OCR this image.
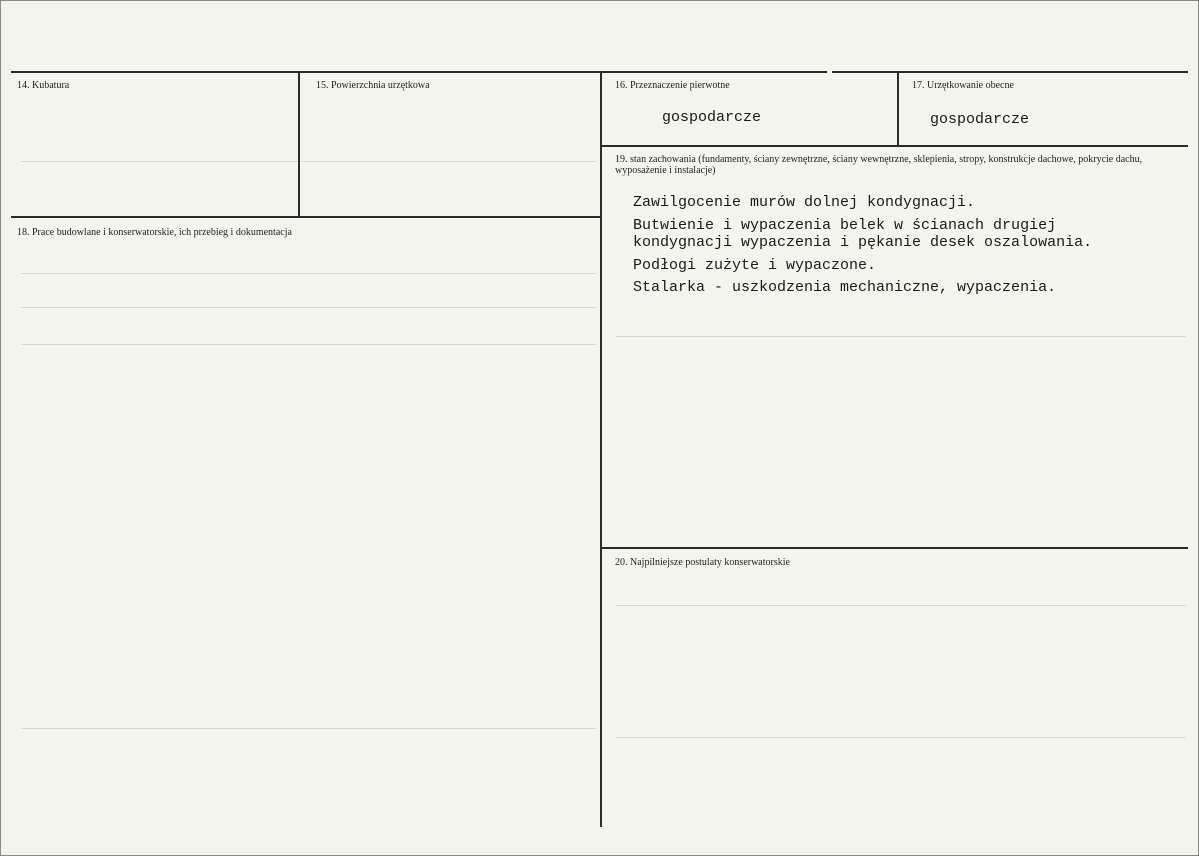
14. Kubatura	15. Powierzchnia urzętkowa	16. Przeznaczenie pierwotne
gospodarcze
17. Urzętkowanie obecne
gospodarcze
18. Prace budowlane i konserwatorskie, ich przebieg i dokumentacja
19. stan zachowania (fundamenty, ściany zewnętrzne, ściany wewnętrzne, sklepienia, stropy, konstrukcje dachowe, pokrycie dachu, wyposażenie i instalacje)
Zawilgocenie murów dolnej kondygnacji.
Butwienie i wypaczenia belek w ścianach drugiej
kondygnacji wypaczenia i pękanie desek oszalowania.
Podłogi zużyte i wypaczone.
Stalarka - uszkodzenia mechaniczne, wypaczenia.
20. Najpilniejsze postulaty konserwatorskie
